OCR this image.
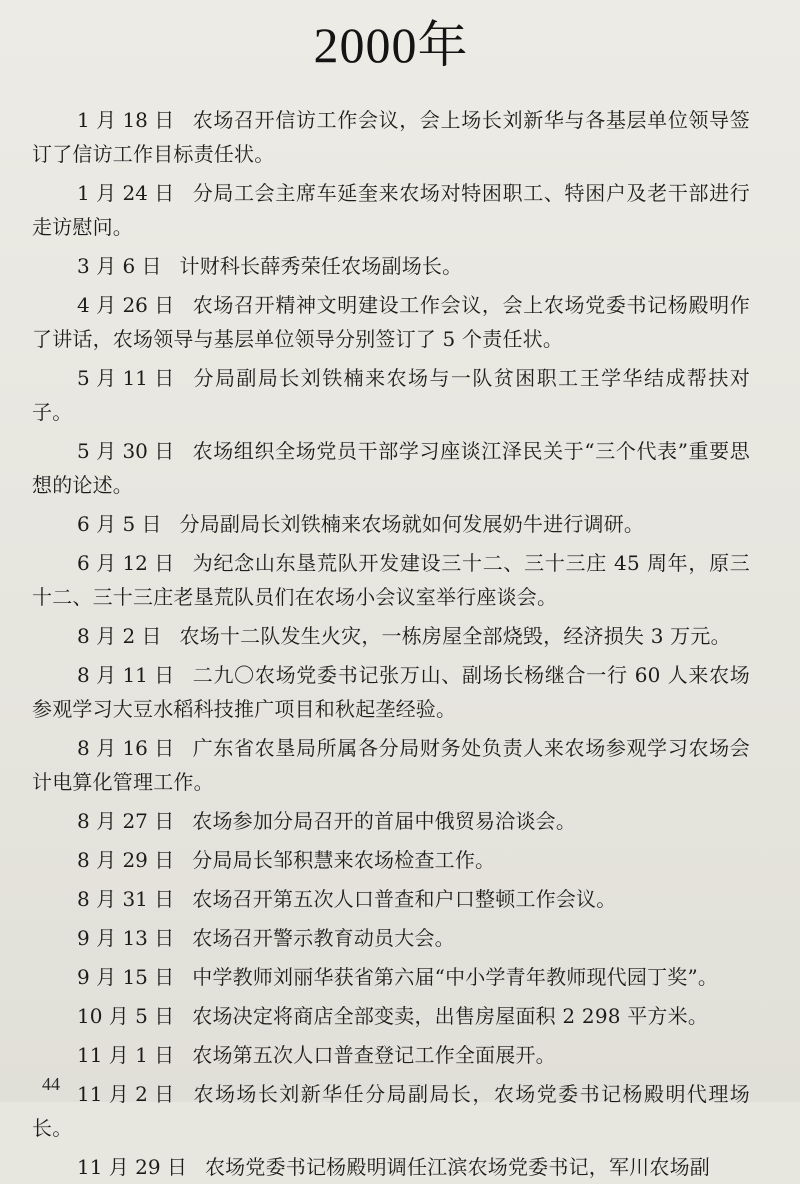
2000年

1 月 18 日 农场召开信访工作会议，会上场长刘新华与各基层单位领导签订了信访工作目标责任状。

1 月 24 日 分局工会主席车延奎来农场对特困职工、特困户及老干部进行走访慰问。

3 月 6 日 计财科长薛秀荣任农场副场长。

4 月 26 日 农场召开精神文明建设工作会议，会上农场党委书记杨殿明作了讲话，农场领导与基层单位领导分别签订了 5 个责任状。

5 月 11 日 分局副局长刘铁楠来农场与一队贫困职工王学华结成帮扶对子。

5 月 30 日 农场组织全场党员干部学习座谈江泽民关于“三个代表”重要思想的论述。

6 月 5 日 分局副局长刘铁楠来农场就如何发展奶牛进行调研。

6 月 12 日 为纪念山东垦荒队开发建设三十二、三十三庄 45 周年，原三十二、三十三庄老垦荒队员们在农场小会议室举行座谈会。

8 月 2 日 农场十二队发生火灾，一栋房屋全部烧毁，经济损失 3 万元。

8 月 11 日 二九〇农场党委书记张万山、副场长杨继合一行 60 人来农场参观学习大豆水稻科技推广项目和秋起垄经验。

8 月 16 日 广东省农垦局所属各分局财务处负责人来农场参观学习农场会计电算化管理工作。

8 月 27 日 农场参加分局召开的首届中俄贸易洽谈会。

8 月 29 日 分局局长邹积慧来农场检查工作。

8 月 31 日 农场召开第五次人口普查和户口整顿工作会议。

9 月 13 日 农场召开警示教育动员大会。

9 月 15 日 中学教师刘丽华获省第六届“中小学青年教师现代园丁奖”。

10 月 5 日 农场决定将商店全部变卖，出售房屋面积 2 298 平方米。

11 月 1 日 农场第五次人口普查登记工作全面展开。

11 月 2 日 农场场长刘新华任分局副局长，农场党委书记杨殿明代理场长。

11 月 29 日 农场党委书记杨殿明调任江滨农场党委书记，军川农场副

44
